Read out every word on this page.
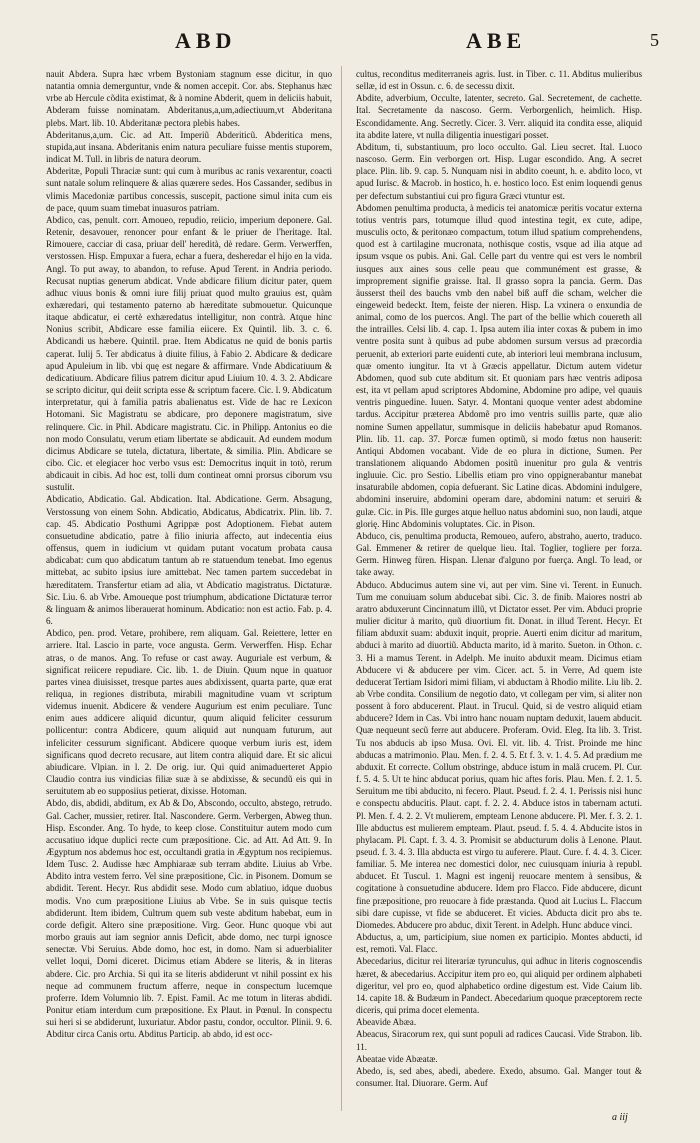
ABD	ABE	5

nauit Abdera. Supra hæc vrbem Bystoniam stagnum esse dicitur, in quo natantia omnia demerguntur, vnde & nomen accepit. Cor. abs. Stephanus hæc vrbe ab Hercule cõdita existimat, & à nomine Abderit, quem in deliciis habuit, Abderam fuisse nominatam. Abderitanus,a,um,adiectiuum,vt Abderitana plebs. Mart. lib. 10. Abderitanæ pectora plebis habes.

Abderitanus,a,um. Cic. ad Att. Imperiũ Abderiticũ. Abderitica mens, stupida,aut insana. Abderitanis enim natura peculiare fuisse mentis stuporem, indicat M. Tull. in libris de natura deorum.

Abderitæ, Populi Thraciæ sunt: qui cum à muribus ac ranis vexarentur, coacti sunt natale solum relinquere & alias quærere sedes. Hos Cassander, sedibus in vlimis Macedoniæ partibus concessis, suscepit, pactione simul inita cum eis de pace, quum suam timebat inuasuros patriam.

Abdico, cas, penult. corr. Amoueo, repudio, reiicio, imperium deponere. Gal. Retenir, desavouer, renoncer pour enfant & le priuer de l'heritage. Ital. Rimouere, cacciar di casa, priuar dell' heredità, dè redare. Germ. Verwerffen, verstossen. Hisp. Empuxar a fuera, echar a fuera, desheredar el hijo en la vida. Angl. To put away, to abandon, to refuse. Apud Terent. in Andria periodo. Recusat nuptias generum abdicat. Vnde abdicare filium dicitur pater, quem adhuc viuus bonis & omni iure filij priuat quod multo grauius est, quàm exhæredari, qui testamento paterno ab hæreditate submouetur. Quicunque itaque abdicatur, ei certè exhæredatus intelligitur, non contrà. Atque hinc Nonius scribit, Abdicare esse familia eiicere. Ex Quintil. lib. 3. c. 6. Abdicandi us hæbere. Quintil. prae. Item Abdicatus ne quid de bonis partis caperat. Iulij 5. Ter abdicatus à diuite filius, à Fabio 2. Abdicare & dedicare apud Apuleium in lib. vbi quę est negare & affirmare. Vnde Abdicatiuum & dedicatiuum. Abdicare filius patrem dicitur apud Liuium 10. 4. 3. 2. Abdicare se scripto dicitur, qui deiit scripta esse & scriptum facere. Cic. l. 9. Abdicatum interpretatur, qui à familia patris abalienatus est. Vide de hac re Lexicon Hotomani. Sic Magistratu se abdicare, pro deponere magistratum, sive relinquere. Cic. in Phil. Abdicare magistratu. Cic. in Philipp. Antonius eo die non modo Consulatu, verum etiam libertate se abdicauit. Ad eundem modum dicimus Abdicare se tutela, dictatura, libertate, & similia. Plin. Abdicare se cibo. Cic. et elegiacer hoc verbo vsus est: Democritus inquit in totò, rerum abdicauit in cibis. Ad hoc est, tolli dum contineat omni prorsus ciborum vsu sustulit.

Abdicatio, Abdicatio. Gal. Abdication. Ital. Abdicatione. Germ. Absagung, Verstossung von einem Sohn. Abdicatio, Abdicatus, Abdicatrix. Plin. lib. 7. cap. 45. Abdicatio Posthumi Agrippæ post Adoptionem. Fiebat autem consuetudine abdicatio, patre à filio iniuria affecto, aut indecentia eius offensus, quem in iudicium vt quidam putant vocatum probata causa abdicabat: cum quo abdicatum tantum ab re statuendum tenebat. Imo egenus mittebat, ac subito ipsius iure amittebat. Nec tamen partem succedebat in hæreditatem. Transfertur etiam ad alia, vt Abdicatio magistratus. Dictaturæ. Sic. Liu. 6. ab Vrbe. Amoueque post triumphum, abdicatione Dictaturæ terror & linguam & animos liberauerat hominum. Abdicatio: non est actio. Fab. p. 4. 6.

Abdico, pen. prod. Vetare, prohibere, rem aliquam. Gal. Reiettere, letter en arriere. Ital. Lascio in parte, voce angusta. Germ. Verwerffen. Hisp. Echar atras, o de manos. Ang. To refuse or cast away. Auguriale est verbum, & significat reiicere repudiare. Cic. lib. 1. de Diuin. Quum nque in quatuor partes vinea diuisisset, tresque partes aues abdixissent, quarta parte, quæ erat reliqua, in regiones distributa, mirabili magnitudine vuam vt scriptum videmus inuenit. Abdicere & vendere Augurium est enim peculiare. Tunc enim aues addicere aliquid dicuntur, quum aliquid feliciter cessurum pollicentur: contra Abdicere, quum aliquid aut nunquam futurum, aut infeliciter cessurum significant. Abdicere quoque verbum iuris est, idem significans quod decreto recusare, aut litem contra aliquid dare. Et sic alicui abiudicare. Vlpian. in l. 2. De orig. iur. Qui quid animaduerteret Appio Claudio contra ius vindicias filiæ suæ à se abdixisse, & secundũ eis qui in seruitutem ab eo supposiius petierat, dixisse. Hotoman.

Abdo, dis, abdidi, abditum, ex Ab & Do, Abscondo, occulto, abstego, retrudo. Gal. Cacher, mussier, retirer. Ital. Nascondere. Germ. Verbergen, Abweg thun. Hisp. Esconder. Ang. To hyde, to keep close. Constituitur autem modo cum accusatiuo idque duplici recte cum præpositione. Cic. ad Att. Ad Att. 9. In Ægyptum nos abdemus hoc est, occultandi gratia in Ægyptum nos recipiemus. Idem Tusc. 2. Audisse hæc Amphiaraæ sub terram abdite. Liuius ab Vrbe. Abdito intra vestem ferro. Vel sine præpositione, Cic. in Pisonem. Domum se abdidit. Terent. Hecyr. Rus abdidit sese. Modo cum ablatiuo, idque duobus modis. Vno cum præpositione Liuius ab Vrbe. Se in suis quisque tectis abdiderunt. Item ibidem, Cultrum quem sub veste abditum habebat, eum in corde defigit. Altero sine præpositione. Virg. Geor. Hunc quoque vbi aut morbo grauis aut iam segnior annis Deficit, abde domo, nec turpi ignosce senectæ. Vbi Seruius. Abde domo, hoc est, in domo. Nam si aduerbialiter vellet loqui, Domi diceret. Dicimus etiam Abdere se literis, & in literas abdere. Cic. pro Archia. Si qui ita se literis abdiderunt vt nihil possint ex his neque ad communem fructum afferre, neque in conspectum lucemque proferre. Idem Volumnio lib. 7. Epist. Famil. Ac me totum in literas abdidi. Ponitur etiam interdum cum præpositione. Ex Plaut. in Pœnul. In conspectu sui heri si se abdiderunt, luxuriatur. Abdor pastu, condor, occultor. Plinii. 9. 6. Abditur circa Canis ortu. Abditus Particip. ab abdo, id est occ-

cultus, reconditus mediterraneis agris. Iust. in Tiber. c. 11. Abditus mulieribus sellæ, id est in Ossun. c. 6. de secessu dixit.

Abdite, adverbium, Occulte, latenter, secreto. Gal. Secretement, de cachette. Ital. Secretamente da nascoso. Germ. Verborgenlich, heimlich. Hisp. Escondidamente. Ang. Secretly. Cicer. 3. Verr. aliquid ita condita esse, aliquid ita abdite latere, vt nulla diligentia inuestigari posset.

Abditum, ti, substantiuum, pro loco occulto. Gal. Lieu secret. Ital. Luoco nascoso. Germ. Ein verborgen ort. Hisp. Lugar escondido. Ang. A secret place. Plin. lib. 9. cap. 5. Nunquam nisi in abdito coeunt, h. e. abdito loco, vt apud Iurisc. & Macrob. in hostico, h. e. hostico loco. Est enim loquendi genus per defectum substantiui cui pro figura Græci vtuntur est.

Abdomen penultima producta, à medicis tei anatomicæ peritis vocatur externa totius ventris pars, totumque illud quod intestina tegit, ex cute, adipe, musculis octo, & peritonæo compactum, totum illud spatium comprehendens, quod est à cartilagine mucronata, nothisque costis, vsque ad ilia atque ad ipsum vsque os pubis. Ani. Gal. Celle part du ventre qui est vers le nombril iusques aux aines sous celle peau que communément est grasse, & improprement signifie graisse. Ital. Il grasso sopra la pancia. Germ. Das äusserst theil des bauchs vmb den nabel biß auff die scham, welcher die eingeweid bedeckt. Item, feiste der nieren. Hisp. La vxinera o enxundia de animal, como de los puercos. Angl. The part of the bellie which couereth all the intrailles. Celsi lib. 4. cap. 1. Ipsa autem ilia inter coxas & pubem in imo ventre posita sunt à quibus ad pube abdomen sursum versus ad præcordia peruenit, ab exteriori parte euidenti cute, ab interiori leui membrana inclusum, quæ omento iungitur. Ita vt à Græcis appellatur. Dictum autem videtur Abdomen, quod sub cute abditum sit. Et quoniam pars hæc ventris adiposa est, ita vt pellam apud scriptores Abdomine, Abdomine pro adipe, vel quauis ventris pinguedine. Iuuen. Satyr. 4. Montani quoque venter adest abdomine tardus. Accipitur præterea Abdomẽ pro imo ventris suillis parte, quæ alio nomine Sumen appellatur, summisque in deliciis habebatur apud Romanos. Plin. lib. 11. cap. 37. Porcæ fumen optimũ, si modo fœtus non hauserit: Antiqui Abdomen vocabant. Vide de eo plura in dictione, Sumen. Per translationem aliquando Abdomen positũ inuenitur pro gula & ventris ingluuie. Cic. pro Sestio. Libellis etiam pro vino oppignerabantur manebat insaturabile abdomen, copia defuerant. Sic Latine dicas. Abdomini indulgere, abdomini inseruire, abdomini operam dare, abdomini natum: et seruiri & gulæ. Cic. in Pis. Ille gurges atque helluo natus abdomini suo, non laudi, atque glorię. Hinc Abdominis voluptates. Cic. in Pison.

Abduco, cis, penultima producta, Remoueo, aufero, abstraho, auerto, traduco. Gal. Emmener & retirer de quelque lieu. Ital. Toglier, togliere per forza. Germ. Hinweg füren. Hispan. Llenar d'alguno por fuerça. Angl. To lead, or take away.

Abduco. Abducimus autem sine vi, aut per vim. Sine vi. Terent. in Eunuch. Tum me conuiuam solum abducebat sibi. Cic. 3. de finib. Maiores nostri ab aratro abduxerunt Cincinnatum illũ, vt Dictator esset. Per vim. Abduci proprie mulier dicitur à marito, quũ diuortium fit. Donat. in illud Terent. Hecyr. Et filiam abduxit suam: abduxit inquit, proprie. Auerti enim dicitur ad maritum, abduci à marito ad diuortiũ. Abducta marito, id à marito. Sueton. in Othon. c. 3. Hi a mamus Terent. in Adelph. Me inuito abduxit meam. Dicimus etiam Abducere vi & abducere per vim. Cicer. act. 5. in Verre, Ad quem iste deducerat Tertiam Isidori mimi filiam, vi abductam à Rhodio milite. Liu lib. 2. ab Vrbe condita. Consilium de negotio dato, vt collegam per vim, si aliter non possent à foro abducerent. Plaut. in Trucul. Quid, si de vestro aliquid etiam abducere? Idem in Cas. Vbi intro hanc nouam nuptam deduxit, lauem abducit. Quæ nequeunt secũ ferre aut abducere. Proferam. Ovid. Eleg. Ita lib. 3. Trist. Tu nos abducis ab ipso Musa. Ovi. El. vit. lib. 4. Trist. Proinde me hinc abducas a matrimonio. Plau. Men. f. 2. 4. 5. Et f. 3. v. 1. 4. 5. Ad prædium me abduxit. Et correcte. Collum obstringe, abduce istum in malã crucem. Pl. Cur. f. 5. 4. 5. Ut te hinc abducat porius, quam hic aftes foris. Plau. Men. f. 2. 1. 5. Seruitum me tibi abducito, ni fecero. Plaut. Pseud. f. 2. 4. 1. Perissis nisi hunc e conspectu abducitis. Plaut. capt. f. 2. 2. 4. Abduce istos in tabernam actuti. Pl. Men. f. 4. 2. 2. Vt mulierem, empteam Lenone abducere. Pl. Mer. f. 3. 2. 1. Ille abductus est mulierem empteam. Plaut. pseud. f. 5. 4. 4. Abducite istos in phylacam. Pl. Capt. f. 3. 4. 3. Promisit se abducturum dolis à Lenone. Plaut. pseud. f. 3. 4. 3. Illa abducta est virgo tu auferere. Plaut. Cure. f. 4. 4. 3. Cicer. familiar. 5. Me interea nec domestici dolor, nec cuiusquam iniuria à republ. abducet. Et Tuscul. 1. Magni est ingenij reuocare mentem à sensibus, & cogitatione à consuetudine abducere. Idem pro Flacco. Fide abducere, dicunt fine præpositione, pro reuocare à fide præstanda. Quod ait Lucius L. Flaccum sibi dare cupisse, vt fide se abduceret. Et vicies. Abducta dicit pro abs te. Diomedes. Abducere pro abduc, dixit Terent. in Adelph. Hunc abduce vinci.

Abductus, a, um, participium, siue nomen ex participio. Montes abducti, id est, remoti. Val. Flacc.

Abecedarius, dicitur rei literariæ tyrunculus, qui adhuc in literis cognoscendis hæret, & abecedarius. Accipitur item pro eo, qui aliquid per ordinem alphabeti digeritur, vel pro eo, quod alphabetico ordine digestum est. Vide Caium lib. 14. capite 18. & Budæum in Pandect. Abecedarium quoque præceptorem recte diceris, qui prima docet elementa.

Abeavide Abæa.

Abeacus, Siracorum rex, qui sunt populi ad radices Caucasi. Vide Strabon. lib. 11.

Abeatae vide Abæatæ.

Abedo, is, sed abes, abedi, abedere. Exedo, absumo. Gal. Manger tout & consumer. Ital. Diuorare. Germ. Auf

a iij
